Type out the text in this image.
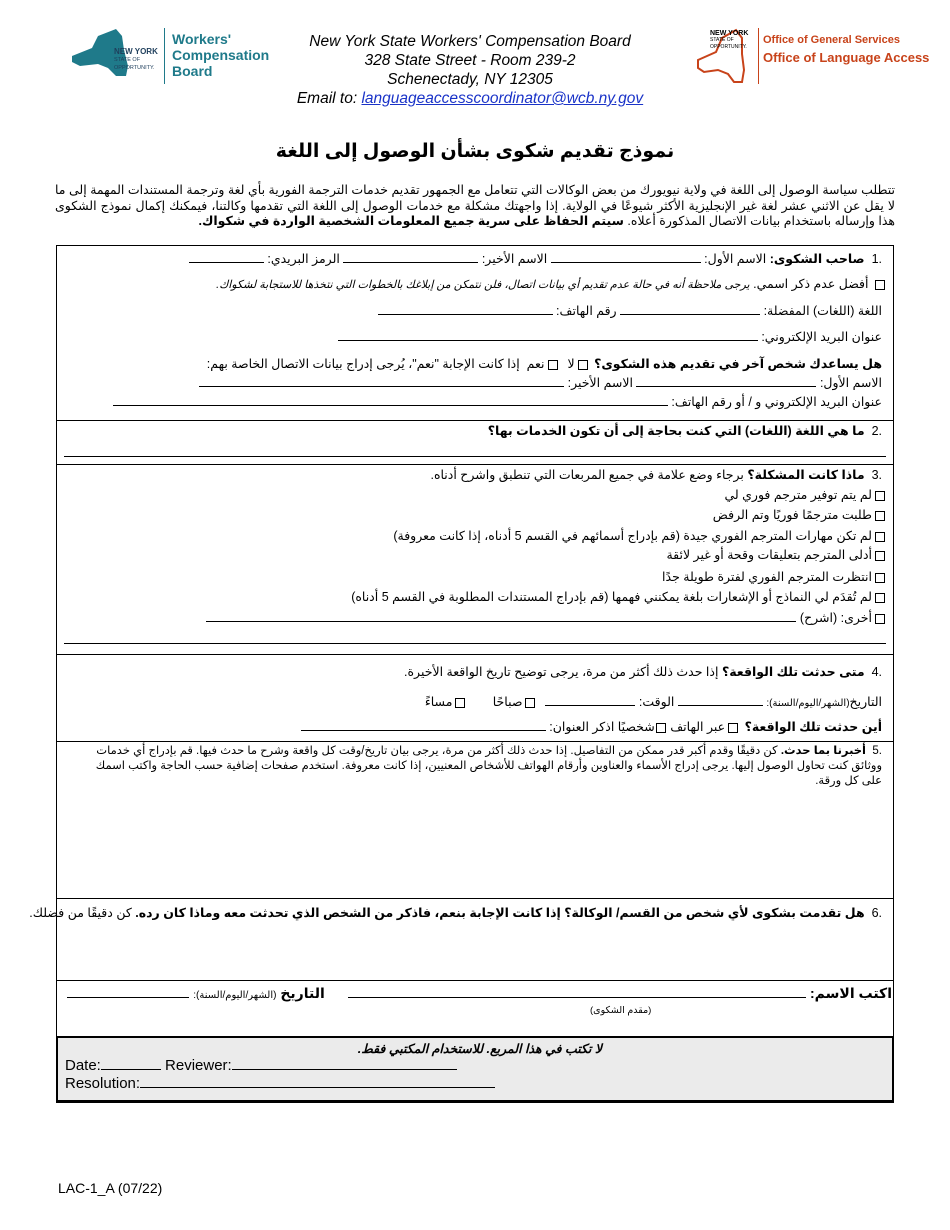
NEW YORK
STATE OF
OPPORTUNITY.
Workers'
Compensation
Board
New York State Workers' Compensation Board
328 State Street - Room 239-2
Schenectady, NY 12305
Email to: languageaccesscoordinator@wcb.ny.gov
NEW YORK
STATE OF
OPPORTUNITY.
Office of General Services
Office of Language Access
نموذج تقديم شكوى بشأن الوصول إلى اللغة
تتطلب سياسة الوصول إلى اللغة في ولاية نيويورك من بعض الوكالات التي تتعامل مع الجمهور تقديم خدمات الترجمة الفورية بأي لغة وترجمة المستندات المهمة إلى ما لا يقل عن الاثني عشر لغة غير الإنجليزية الأكثر شيوعًا في الولاية. إذا واجهتك مشكلة مع خدمات الوصول إلى اللغة التي تقدمها وكالتنا، فيمكنك إكمال نموذج الشكوى هذا وإرساله باستخدام بيانات الاتصال المذكورة أعلاه. سيتم الحفاظ على سرية جميع المعلومات الشخصية الواردة في شكواك.
.1  صاحب الشكوى: الاسم الأول:  الاسم الأخير:  الرمز البريدي:
أفضل عدم ذكر اسمي. يرجى ملاحظة أنه في حالة عدم تقديم أي بيانات اتصال، فلن نتمكن من إبلاغك بالخطوات التي نتخذها للاستجابة لشكواك.
اللغة (اللغات) المفضلة:  رقم الهاتف:
عنوان البريد الإلكتروني:
هل يساعدك شخص آخر في تقديم هذه الشكوى؟ لا  نعم  إذا كانت الإجابة "نعم"، يُرجى إدراج بيانات الاتصال الخاصة بهم:
الاسم الأول:  الاسم الأخير:
عنوان البريد الإلكتروني و / أو رقم الهاتف:
.2  ما هي اللغة (اللغات) التي كنت بحاجة إلى أن تكون الخدمات بها؟
.3  ماذا كانت المشكلة؟ برجاء وضع علامة في جميع المربعات التي تنطبق واشرح أدناه.
لم يتم توفير مترجم فوري لي
طلبت مترجمًا فوريًا وتم الرفض
لم تكن مهارات المترجم الفوري جيدة (قم بإدراج أسمائهم في القسم 5 أدناه، إذا كانت معروفة)
أدلى المترجم بتعليقات وقحة أو غير لائقة
انتظرت المترجم الفوري لفترة طويلة جدًا
لم تُقدَم لي النماذج أو الإشعارات بلغة يمكنني فهمها (قم بإدراج المستندات المطلوبة في القسم 5 أدناه)
أخرى: (اشرح)
.4  متى حدثت تلك الواقعة؟ إذا حدث ذلك أكثر من مرة، يرجى توضيح تاريخ الواقعة الأخيرة.
التاريخ(الشهر/اليوم/السنة):  الوقت:   صباحًا       مساءً
أين حدثت تلك الواقعة؟ عبر الهاتف شخصيًا اذكر العنوان:
.5  أخبرنا بما حدث. كن دقيقًا وقدم أكبر قدر ممكن من التفاصيل. إذا حدث ذلك أكثر من مرة، يرجى بيان تاريخ/وقت كل واقعة وشرح ما حدث فيها. قم بإدراج أي خدمات ووثائق كنت تحاول الوصول إليها. يرجى إدراج الأسماء والعناوين وأرقام الهواتف للأشخاص المعنيين، إذا كانت معروفة. استخدم صفحات إضافية حسب الحاجة واكتب اسمك على كل ورقة.
.6  هل تقدمت بشكوى لأي شخص من القسم/ الوكالة؟ إذا كانت الإجابة بنعم، فاذكر من الشخص الذي تحدثت معه وماذا كان رده. كن دقيقًا من فضلك.
اكتب الاسم:       التاريخ (الشهر/اليوم/السنة):
(مقدم الشكوى)
لا تكتب في هذا المربع. للاستخدام المكتبي فقط.
Date:	Reviewer:
Resolution:
LAC-1_A (07/22)
